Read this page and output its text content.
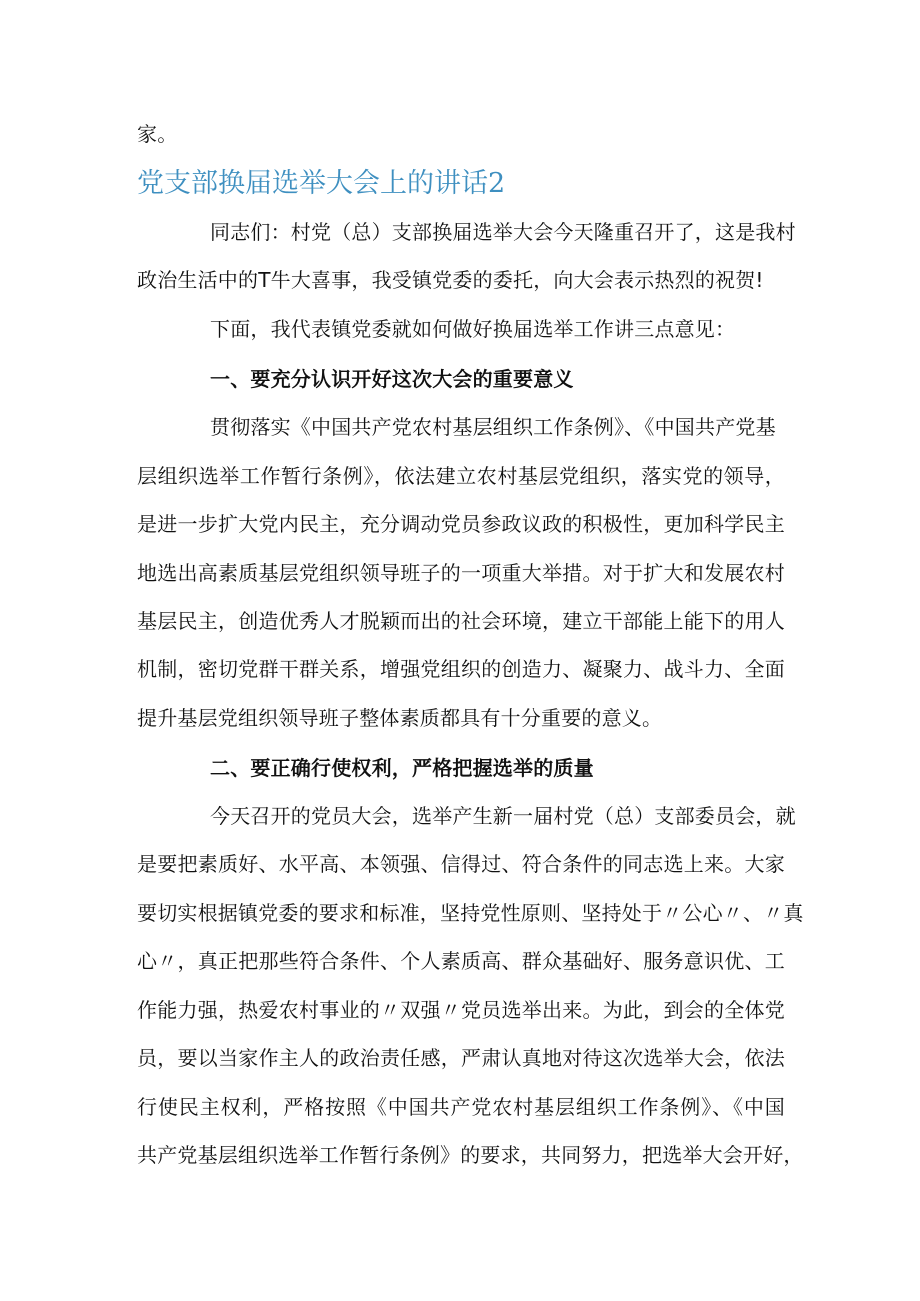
家。
党支部换届选举大会上的讲话2
同志们：村党（总）支部换届选举大会今天隆重召开了，这是我村
政治生活中的T牛大喜事，我受镇党委的委托，向大会表示热烈的祝贺!
下面，我代表镇党委就如何做好换届选举工作讲三点意见：
一、要充分认识开好这次大会的重要意义
贯彻落实《中国共产党农村基层组织工作条例》、《中国共产党基
层组织选举工作暂行条例》，依法建立农村基层党组织，落实党的领导，
是进一步扩大党内民主，充分调动党员参政议政的积极性，更加科学民主
地选出高素质基层党组织领导班子的一项重大举措。对于扩大和发展农村
基层民主，创造优秀人才脱颖而出的社会环境，建立干部能上能下的用人
机制，密切党群干群关系，增强党组织的创造力、凝聚力、战斗力、全面
提升基层党组织领导班子整体素质都具有十分重要的意义。
二、要正确行使权利，严格把握选举的质量
今天召开的党员大会，选举产生新一届村党（总）支部委员会，就
是要把素质好、水平高、本领强、信得过、符合条件的同志选上来。大家
要切实根据镇党委的要求和标准，坚持党性原则、坚持处于〃公心〃、〃真
心〃，真正把那些符合条件、个人素质高、群众基础好、服务意识优、工
作能力强，热爱农村事业的〃双强〃党员选举出来。为此，到会的全体党
员，要以当家作主人的政治责任感，严肃认真地对待这次选举大会，依法
行使民主权利，严格按照《中国共产党农村基层组织工作条例》、《中国
共产党基层组织选举工作暂行条例》的要求，共同努力，把选举大会开好，
